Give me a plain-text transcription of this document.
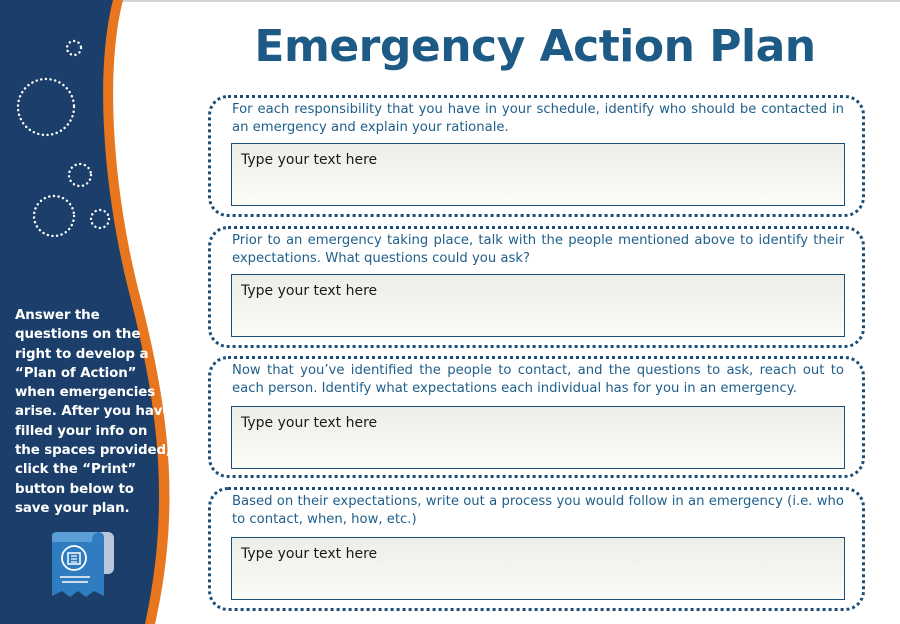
Answer the
questions on the
right to develop a
“Plan of Action”
when emergencies
arise. After you have
filled your info on
the spaces provided,
click the “Print”
button below to
save your plan.
Emergency Action Plan

For each responsibility that you have in your schedule, identify who should be contacted in an emergency and explain your rationale.

Type your text here

Prior to an emergency taking place, talk with the people mentioned above to identify their expectations. What questions could you ask?

Type your text here

Now that you’ve identified the people to contact, and the questions to ask, reach out to each person. Identify what expectations each individual has for you in an emergency.

Type your text here

Based on their expectations, write out a process you would follow in an emergency (i.e. who to contact, when, how, etc.)

Type your text here
